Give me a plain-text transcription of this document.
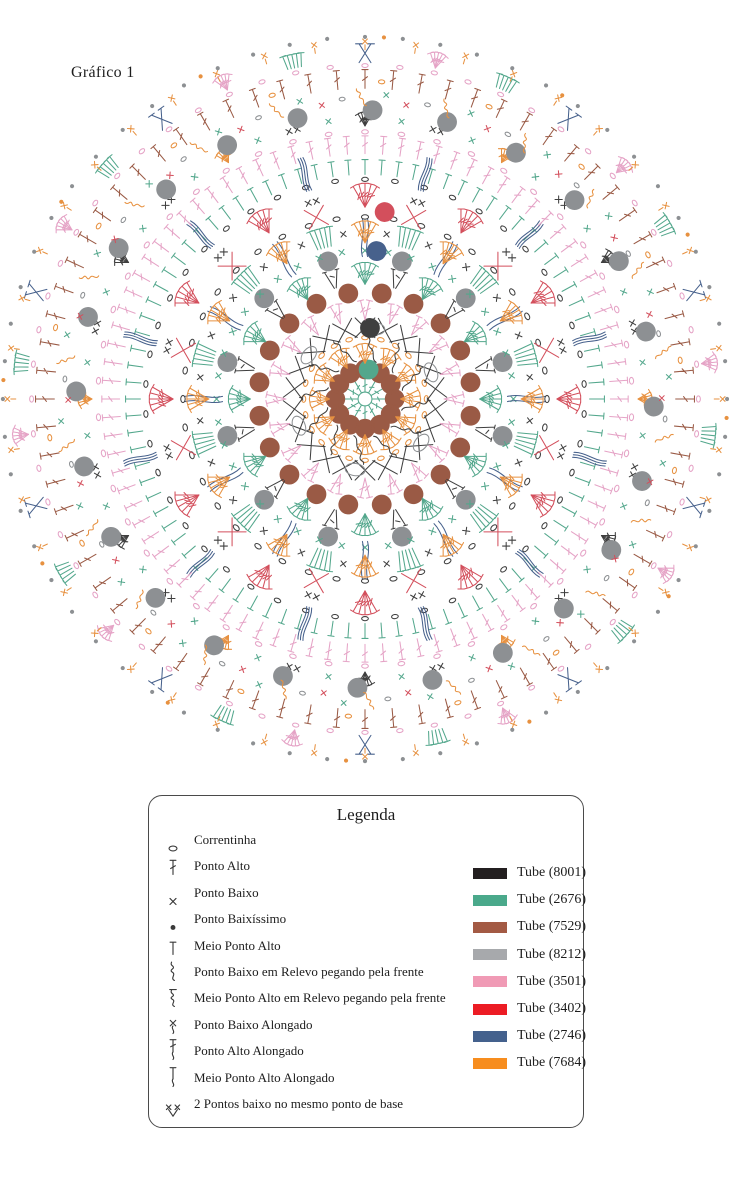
Gráfico 1
Legenda
Correntinha
Ponto Alto
Ponto Baixo
Ponto Baixíssimo
Meio Ponto Alto
Ponto Baixo em Relevo pegando pela frente
Meio Ponto Alto em Relevo pegando pela frente
Ponto Baixo Alongado
Ponto Alto Alongado
Meio Ponto Alto Alongado
2 Pontos baixo no mesmo ponto de base
Tube (8001)
Tube (2676)
Tube (7529)
Tube (8212)
Tube (3501)
Tube (3402)
Tube (2746)
Tube (7684)
